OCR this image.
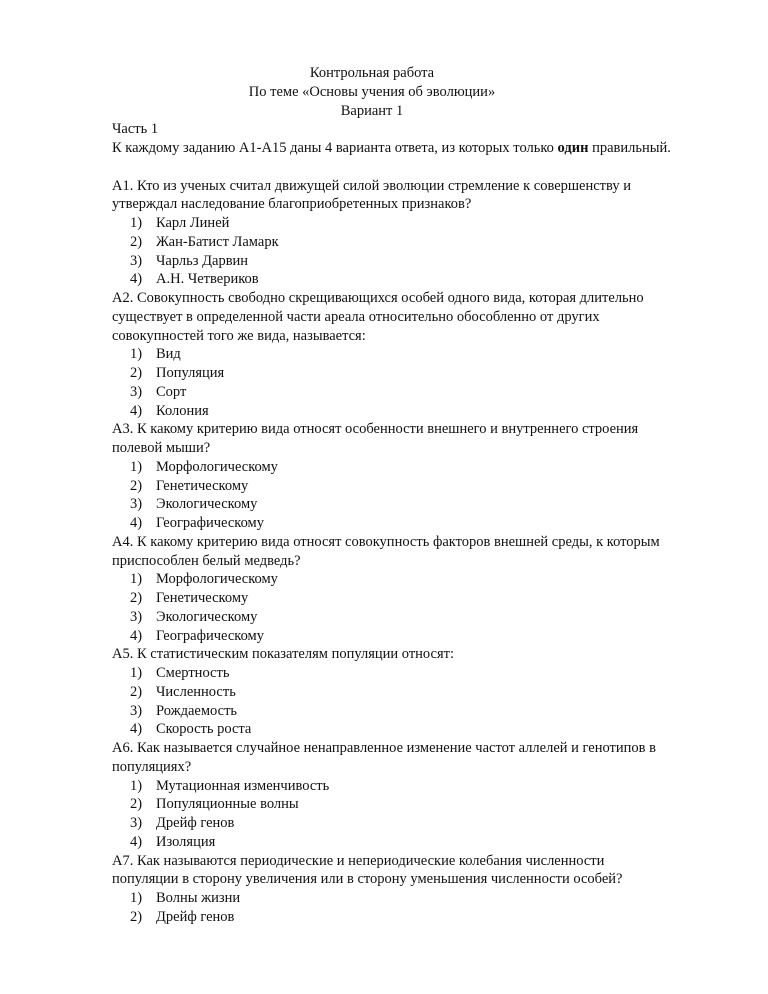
Контрольная работа
По теме «Основы учения об эволюции»
Вариант 1
Часть 1
К каждому заданию А1-А15 даны 4 варианта ответа, из которых только один правильный.
А1. Кто из ученых считал движущей силой эволюции стремление к совершенству и
утверждал наследование благоприобретенных признаков?
1) Карл Линей
2) Жан-Батист Ламарк
3) Чарльз Дарвин
4) А.Н. Четвериков
А2. Совокупность свободно скрещивающихся особей одного вида, которая длительно
существует в определенной части ареала относительно обособленно от других
совокупностей того же вида, называется:
1) Вид
2) Популяция
3) Сорт
4) Колония
А3. К какому критерию вида относят особенности внешнего и внутреннего строения
полевой мыши?
1) Морфологическому
2) Генетическому
3) Экологическому
4) Географическому
А4. К какому критерию вида относят совокупность факторов внешней среды, к которым
приспособлен белый медведь?
1) Морфологическому
2) Генетическому
3) Экологическому
4) Географическому
А5. К статистическим показателям популяции относят:
1) Смертность
2) Численность
3) Рождаемость
4) Скорость роста
А6. Как называется случайное ненаправленное изменение частот аллелей и генотипов в
популяциях?
1) Мутационная изменчивость
2) Популяционные волны
3) Дрейф генов
4) Изоляция
А7. Как называются периодические и непериодические колебания численности
популяции в сторону увеличения или в сторону уменьшения численности особей?
1) Волны жизни
2) Дрейф генов
